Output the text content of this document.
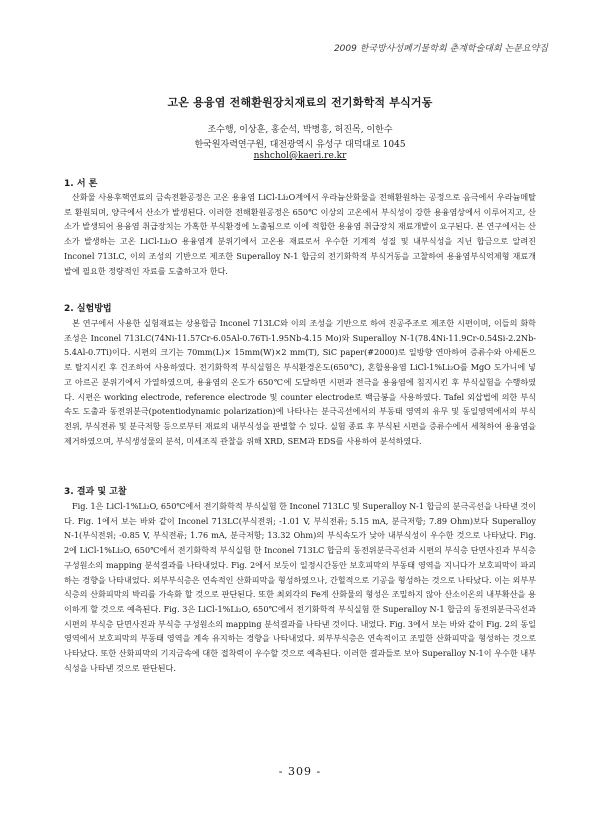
2009 한국방사성폐기물학회 춘계학술대회 논문요약집
고온 용융염 전해환원장치재료의 전기화학적 부식거동
조수행, 이상훈, 홍순석, 박병흥, 허진목, 이한수
한국원자력연구원, 대전광역시 유성구 대덕대로 1045
nshchol@kaeri.re.kr
1. 서 론
산화물 사용후핵연료의 금속전환공정은 고온 용융염 LiCl-Li₂O계에서 우라늄산화물을 전해환원하는 공정으로 음극에서 우라늄메탈로 환원되며, 양극에서 산소가 발생된다. 이러한 전해환원공정은 650℃ 이상의 고온에서 부식성이 강한 용융염상에서 이루어지고, 산소가 발생되어 용융염 취급장치는 가혹한 부식환경에 노출됨으로 이에 적합한 용융염 취급장치 재료개발이 요구된다. 본 연구에서는 산소가 발생하는 고온 LiCl-Li₂O 용융염계 분위기에서 고온용 재료로서 우수한 기계적 성질 및 내부식성을 지닌 합금으로 알려진 Inconel 713LC, 이의 조성의 기반으로 제조한 Superalloy N-1 합금의 전기화학적 부식거동을 고찰하여 용융염부식억제형 재료개발에 필요한 정량적인 자료를 도출하고자 한다.
2. 실험방법
본 연구에서 사용한 실험재료는 상용합금 Inconel 713LC와 이의 조성을 기반으로 하여 진공주조로 제조한 시편이며, 이들의 화학조성은 Inconel 713LC(74Ni-11.57Cr-6.05Al-0.76Ti-1.95Nb-4.15 Mo)와 Superalloy N-1(78.4Ni-11.9Cr-0.54Si-2.2Nb-5.4Al-0.7Ti)이다. 시편의 크기는 70mm(L)× 15mm(W)×2 mm(T), SiC paper(#2000)로 일방향 연마하여 증류수와 아세톤으로 탈지시킨 후 건조하여 사용하였다. 전기화학적 부식실험은 부식환경온도(650℃), 혼합용융염 LiCl-1%Li₂O를 MgO 도가니에 넣고 아르곤 분위기에서 가열하였으며, 용융염의 온도가 650℃에 도달하면 시편과 전극을 용융염에 침지시킨 후 부식실험을 수행하였다. 시편은 working electrode, reference electrode 및 counter electrode로 백금봉을 사용하였다. Tafel 외삽법에 의한 부식속도 도출과 동전위분극(potentiodynamic polarization)에 나타나는 분극곡선에서의 부동태 영역의 유무 및 동일영역에서의 부식전위, 부식전류 및 분극저항 등으로부터 재료의 내부식성을 판별할 수 있다. 실험 종료 후 부식된 시편을 증류수에서 세척하여 용융염을 제거하였으며, 부식생성물의 분석, 미세조직 관찰을 위해 XRD, SEM과 EDS를 사용하여 분석하였다.
3. 결과 및 고찰
Fig. 1은 LiCl-1%Li₂O, 650℃에서 전기화학적 부식실험 한 Inconel 713LC 및 Superalloy N-1 합금의 분극곡선을 나타낸 것이다. Fig. 1에서 보는 바와 같이 Inconel 713LC(부식전위; -1.01 V, 부식전류; 5.15 mA, 분극저항; 7.89 Ohm)보다 Superalloy N-1(부식전위; -0.85 V, 부식전류; 1.76 mA, 분극저항; 13.32 Ohm)의 부식속도가 낮아 내부식성이 우수한 것으로 나타났다. Fig. 2에 LiCl-1%Li₂O, 650℃에서 전기화학적 부식실험 한 Inconel 713LC 합금의 동전위분극곡선과 시편의 부식층 단면사진과 부식층 구성원소의 mapping 분석결과를 나타내었다. Fig. 2에서 보듯이 일정시간동안 보호피막의 부동태 영역을 지니다가 보호피막이 파괴하는 경향을 나타내었다. 외부부식층은 연속적인 산화피막을 형성하였으나, 간헐적으로 기공을 형성하는 것으로 나타났다. 이는 외부부식층의 산화피막의 박리를 가속화 할 것으로 판단된다. 또한 최외각의 Fe계 산화물의 형성은 조밀하지 않아 산소이온의 내부확산을 용이하게 할 것으로 예측된다. Fig. 3은 LiCl-1%Li₂O, 650℃에서 전기화학적 부식실험 한 Superalloy N-1 합금의 동전위분극곡선과 시편의 부식층 단면사진과 부식층 구성원소의 mapping 분석결과를 나타낸 것이다. 내었다. Fig. 3에서 보는 바와 같이 Fig. 2의 동일영역에서 보호피막의 부동태 영역을 계속 유지하는 경향을 나타내었다. 외부부식층은 연속적이고 조밀한 산화피막을 형성하는 것으로 나타났다. 또한 산화피막의 기지금속에 대한 접착력이 우수할 것으로 예측된다. 이러한 결과들로 보아 Superalloy N-1이 우수한 내부식성을 나타낸 것으로 판단된다.
- 309 -
